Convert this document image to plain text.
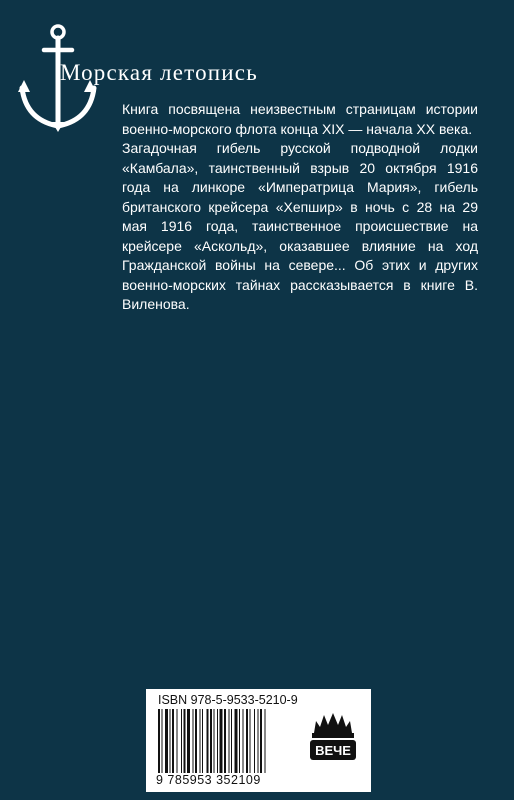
Морская летопись

Книга посвящена неизвестным страницам истории военно-морского флота конца XIX — начала XX века.

Загадочная гибель русской подводной лодки «Камбала», таинственный взрыв 20 октября 1916 года на линкоре «Императрица Мария», гибель британского крейсера «Хепшир» в ночь с 28 на 29 мая 1916 года, таинственное происшествие на крейсере «Аскольд», оказавшее влияние на ход Гражданской войны на севере... Об этих и других военно-морских тайнах рассказывается в книге В. Виленова.

ISBN 978-5-9533-5210-9
9 785953 352109
ВЕЧЕ
